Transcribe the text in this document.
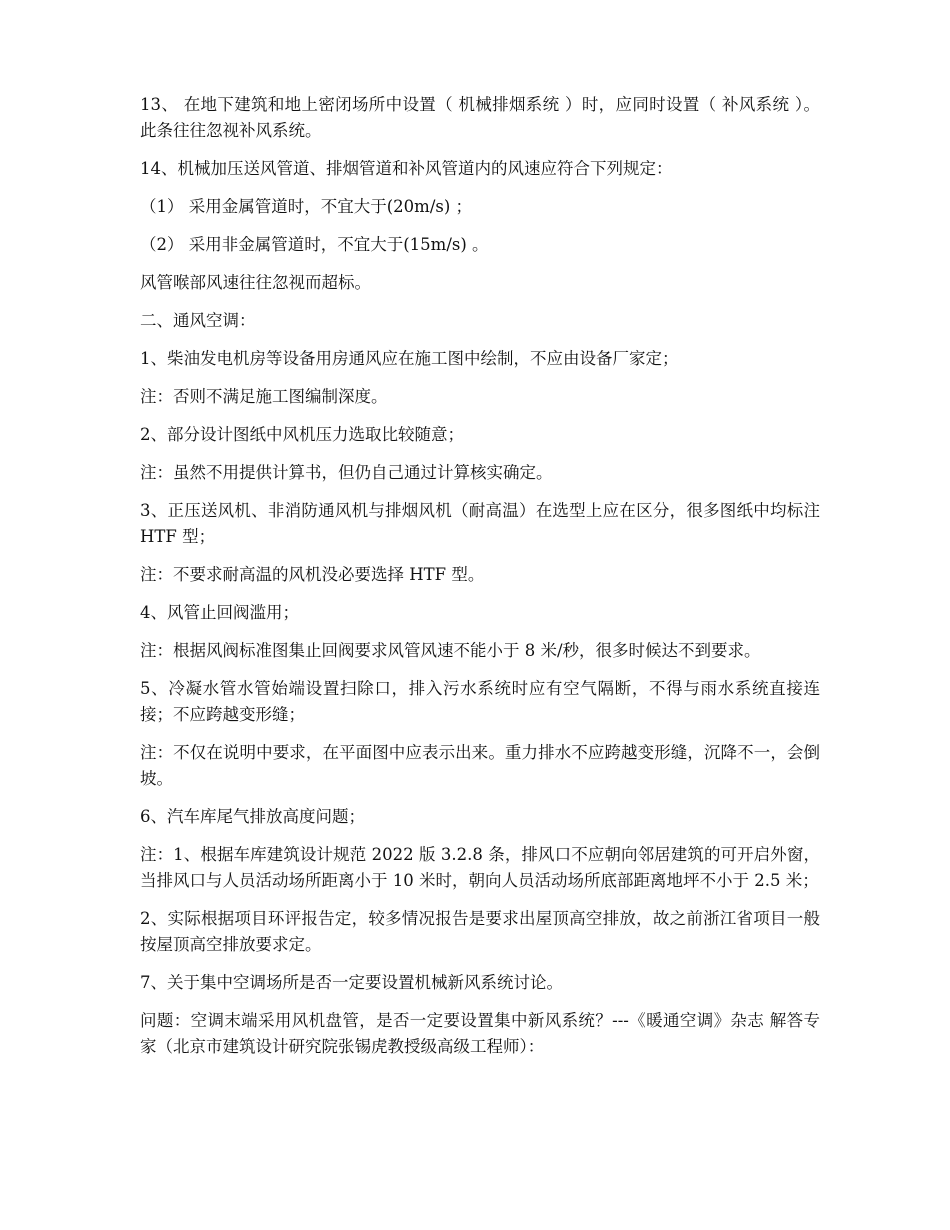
13、 在地下建筑和地上密闭场所中设置（ 机械排烟系统 ）时，应同时设置（ 补风系统 ）。 此条往往忽视补风系统。

14、机械加压送风管道、排烟管道和补风管道内的风速应符合下列规定：

（1） 采用金属管道时，不宜大于(20m/s) ；

（2） 采用非金属管道时，不宜大于(15m/s) 。

风管喉部风速往往忽视而超标。

二、通风空调：

1、柴油发电机房等设备用房通风应在施工图中绘制，不应由设备厂家定；

注：否则不满足施工图编制深度。

2、部分设计图纸中风机压力选取比较随意；

注：虽然不用提供计算书，但仍自己通过计算核实确定。

3、正压送风机、非消防通风机与排烟风机（耐高温）在选型上应在区分，很多图纸中均标注 HTF 型；

注：不要求耐高温的风机没必要选择 HTF 型。

4、风管止回阀滥用；

注：根据风阀标准图集止回阀要求风管风速不能小于 8 米/秒，很多时候达不到要求。

5、冷凝水管水管始端设置扫除口，排入污水系统时应有空气隔断，不得与雨水系统直接连接；不应跨越变形缝；

注：不仅在说明中要求，在平面图中应表示出来。重力排水不应跨越变形缝，沉降不一，会倒坡。

6、汽车库尾气排放高度问题；

注：1、根据车库建筑设计规范 2022 版 3.2.8 条，排风口不应朝向邻居建筑的可开启外窗，当排风口与人员活动场所距离小于 10 米时，朝向人员活动场所底部距离地坪不小于 2.5 米；

2、实际根据项目环评报告定，较多情况报告是要求出屋顶高空排放，故之前浙江省项目一般按屋顶高空排放要求定。

7、关于集中空调场所是否一定要设置机械新风系统讨论。

问题：空调末端采用风机盘管，是否一定要设置集中新风系统？---《暖通空调》杂志 解答专家（北京市建筑设计研究院张锡虎教授级高级工程师）：
